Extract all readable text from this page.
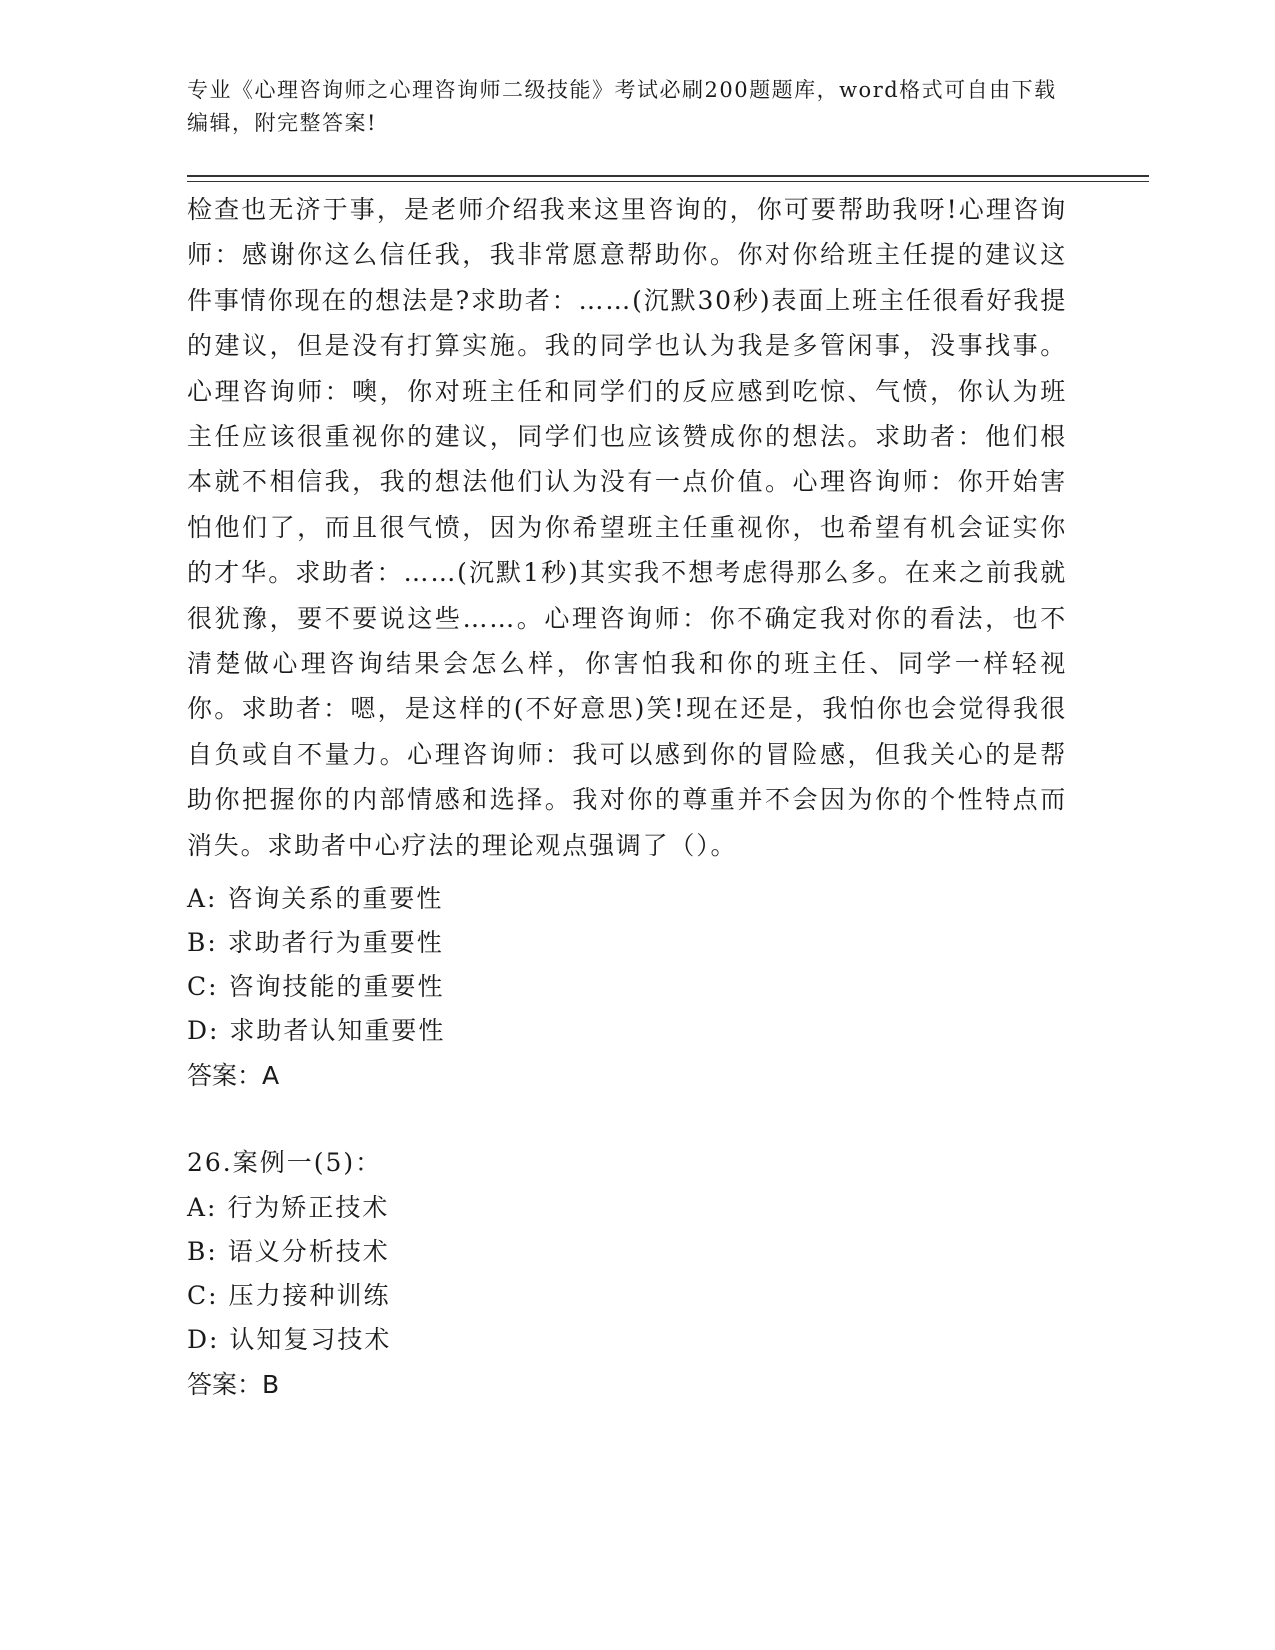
专业《心理咨询师之心理咨询师二级技能》考试必刷200题题库，word格式可自由下载编辑，附完整答案!
检查也无济于事，是老师介绍我来这里咨询的，你可要帮助我呀!心理咨询师：感谢你这么信任我，我非常愿意帮助你。你对你给班主任提的建议这件事情你现在的想法是?求助者：……(沉默30秒)表面上班主任很看好我提的建议，但是没有打算实施。我的同学也认为我是多管闲事，没事找事。心理咨询师：噢，你对班主任和同学们的反应感到吃惊、气愤，你认为班主任应该很重视你的建议，同学们也应该赞成你的想法。求助者：他们根本就不相信我，我的想法他们认为没有一点价值。心理咨询师：你开始害怕他们了，而且很气愤，因为你希望班主任重视你，也希望有机会证实你的才华。求助者：……(沉默1秒)其实我不想考虑得那么多。在来之前我就很犹豫，要不要说这些……。心理咨询师：你不确定我对你的看法，也不清楚做心理咨询结果会怎么样，你害怕我和你的班主任、同学一样轻视你。求助者：嗯，是这样的(不好意思)笑!现在还是，我怕你也会觉得我很自负或自不量力。心理咨询师：我可以感到你的冒险感，但我关心的是帮助你把握你的内部情感和选择。我对你的尊重并不会因为你的个性特点而消失。求助者中心疗法的理论观点强调了（）。
A: 咨询关系的重要性
B: 求助者行为重要性
C: 咨询技能的重要性
D: 求助者认知重要性
答案：A
26.案例一(5)：
A: 行为矫正技术
B: 语义分析技术
C: 压力接种训练
D: 认知复习技术
答案：B
